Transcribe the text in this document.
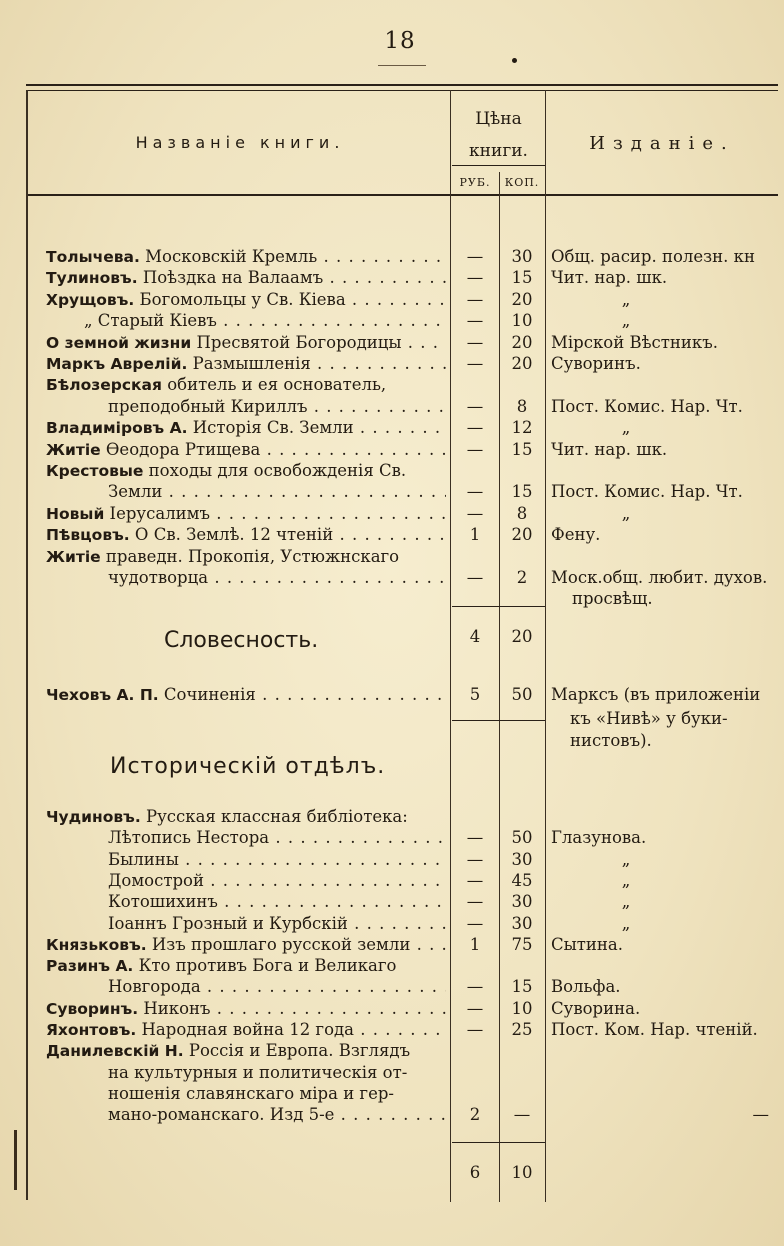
18
Названіе книги.
Цѣна
книги.	Изданіе.
РУБ.	КОП.
Толычева. Московскій Кремль . . .	—	30	Общ. расир. полезн. кн
Тулиновъ. Поѣздка на Валаамъ . . .	—	15	Чит. нар. шк.
Хрущовъ. Богомольцы у Св. Кіева . . .	—	20	„
„ Старый Кіевъ . . .	—	10	„
О земной жизни Пресвятой Богородицы . . .	—	20	Мірской Вѣстникъ.
Маркъ Аврелій. Размышленія . . .	—	20	Суворинъ.
Бѣлозерская обитель и ея основатель,
преподобный Кириллъ . . .	—	8	Пост. Комис. Нар. Чт.
Владиміровъ А. Исторія Св. Земли . . .	—	12	„
Житіе Ѳеодора Ртищева . . .	—	15	Чит. нар. шк.
Крестовые походы для освобожденія Св.
Земли . . .	—	15	Пост. Комис. Нар. Чт.
Новый Іерусалимъ . . .	—	8	„
Пѣвцовъ. О Св. Землѣ. 12 чтеній . . .	1	20	Фену.
Житіе праведн. Прокопія, Устюжнскаго
чудотворца . . .	—	2	Моск.общ. любит. духов.
просвѣщ.
4	20
Словесность.
Чеховъ А. П. Сочиненія . . .	5	50	Марксъ (въ приложеніи
къ «Нивѣ» у буки-
нистовъ).
Историческій отдѣлъ.
Чудиновъ. Русская классная библіотека:
Лѣтопись Нестора . . .	—	50	Глазунова.
Былины . . .	—	30	„
Домострой . . .	—	45	„
Котошихинъ . . .	—	30	„
Іоаннъ Грозный и Курбскій . . .	—	30	„
Князьковъ. Изъ прошлаго русской земли . . .	1	75	Сытина.
Разинъ А. Кто противъ Бога и Великаго
Новгорода . . .	—	15	Вольфа.
Суворинъ. Никонъ . . .	—	10	Суворина.
Яхонтовъ. Народная война 12 года . . .	—	25	Пост. Ком. Нар. чтеній.
Данилевскій Н. Россія и Европа. Взглядъ
на культурныя и политическія от-
ношенія славянскаго міра и гер-
мано-романскаго. Изд 5-е . . .	2	—	—
6	10
